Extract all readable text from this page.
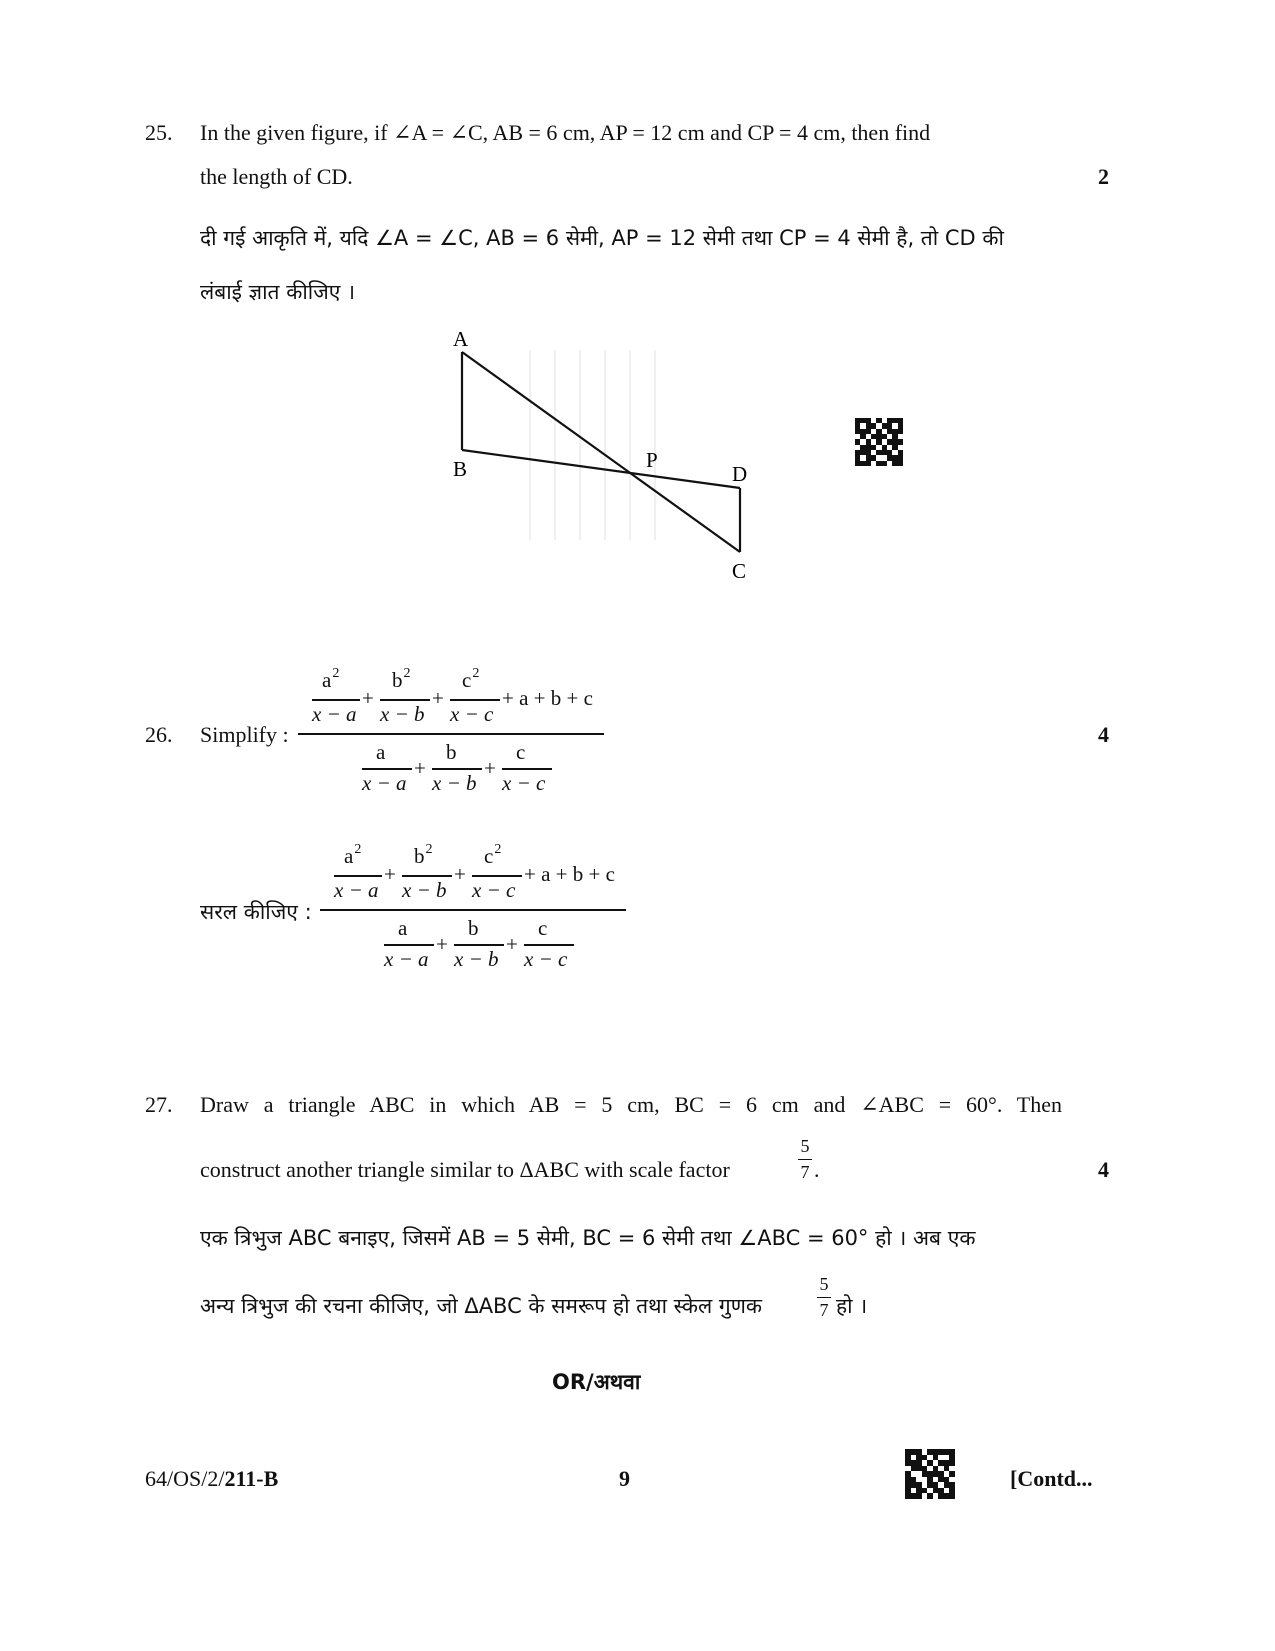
25. In the given figure, if ∠A = ∠C, AB = 6 cm, AP = 12 cm and CP = 4 cm, then find
the length of CD.	2
दी गई आकृति में, यदि ∠A = ∠C, AB = 6 सेमी, AP = 12 सेमी तथा CP = 4 सेमी है, तो CD की
लंबाई ज्ञात कीजिए ।
A
B	P
D
C
26. Simplify :	4
$a^2$
x − a
+
$b^2$
x − b
+
$c^2$
x − c
+ a + b + c
a
x − a
+
b
x − b
+
c
x − c
सरल कीजिए :
$a^2$
x − a
+
$b^2$
x − b
+
$c^2$
x − c
+ a + b + c
a
x − a
+
b
x − b
+
c
x − c
27. Draw a triangle ABC in which AB = 5 cm, BC = 6 cm and ∠ABC = 60°. Then
construct another triangle similar to ΔABC with scale factor
5
7 .	4
एक त्रिभुज ABC बनाइए, जिसमें AB = 5 सेमी, BC = 6 सेमी तथा ∠ABC = 60° हो । अब एक
अन्य त्रिभुज की रचना कीजिए, जो ΔABC के समरूप हो तथा स्केल गुणक
5
7 हो ।
OR/अथवा
64/OS/2/211-B	9	[Contd...
